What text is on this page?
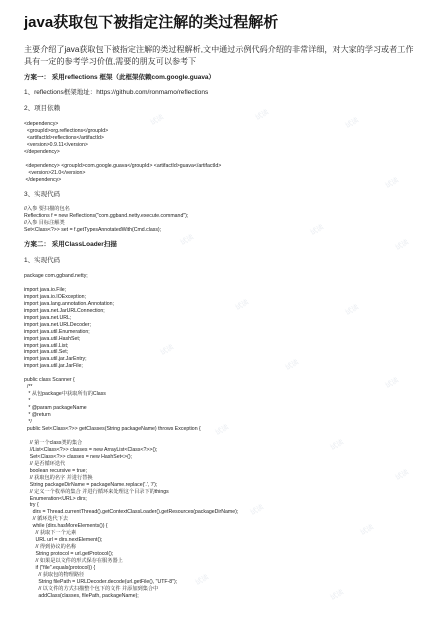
java获取包下被指定注解的类过程解析
主要介绍了java获取包下被指定注解的类过程解析,文中通过示例代码介绍的非常详细，对大家的学习或者工作具有一定的参考学习价值,需要的朋友可以参考下
方案一： 采用reflections 框架（此框架依赖com.google.guava）
1、reflections框架地址：https://github.com/ronmamo/reflections
2、项目依赖
<dependency>
<groupId>org.reflections</groupId>
<artifactId>reflections</artifactId>
<version>0.9.11</version>
</dependency>

<dependency> <groupId>com.google.guava</groupId> <artifactId>guava</artifactId>
<version>21.0</version>
</dependency>
3、实现代码
//入参 要扫描的包名
Reflections f = new Reflections("com.ggband.netty.execute.command");
//入参 目标注解类
Set<Class<?>> set = f.getTypesAnnotatedWith(Cmd.class);
方案二： 采用ClassLoader扫描
1、实现代码
package com.ggband.netty;

import java.io.File;
import java.io.IOException;
import java.lang.annotation.Annotation;
import java.net.JarURLConnection;
import java.net.URL;
import java.net.URLDecoder;
import java.util.Enumeration;
import java.util.HashSet;
import java.util.List;
import java.util.Set;
import java.util.jar.JarEntry;
import java.util.jar.JarFile;

public class Scanner {
/**
* 从包package中获取所有的Class
*
* @param packageName
* @return
*/
public Set<Class<?>> getClasses(String packageName) throws Exception {

// 第一个class类的集合
//List<Class<?>> classes = new ArrayList<Class<?>>();
Set<Class<?>> classes = new HashSet<>();
// 是否循环迭代
boolean recursive = true;
// 获取包的名字 并进行替换
String packageDirName = packageName.replace('.', '/');
// 定义一个枚举的集合 并进行循环来处理这个目录下的things
Enumeration<URL> dirs;
try {
dirs = Thread.currentThread().getContextClassLoader().getResources(packageDirName);
// 循环迭代下去
while (dirs.hasMoreElements()) {
// 获取下一个元素
URL url = dirs.nextElement();
// 得到协议的名称
String protocol = url.getProtocol();
// 如果是以文件的形式保存在服务器上
if ("file".equals(protocol)) {
// 获取包的物理路径
String filePath = URLDecoder.decode(url.getFile(), "UTF-8");
// 以文件的方式扫描整个包下的文件 并添加到集合中
addClass(classes, filePath, packageName);
试读	试读
试读
试读
试读
试读
试读
试读	试读
试读
试读
试读
试读
试读
试读
试读
试读
试读
试读
